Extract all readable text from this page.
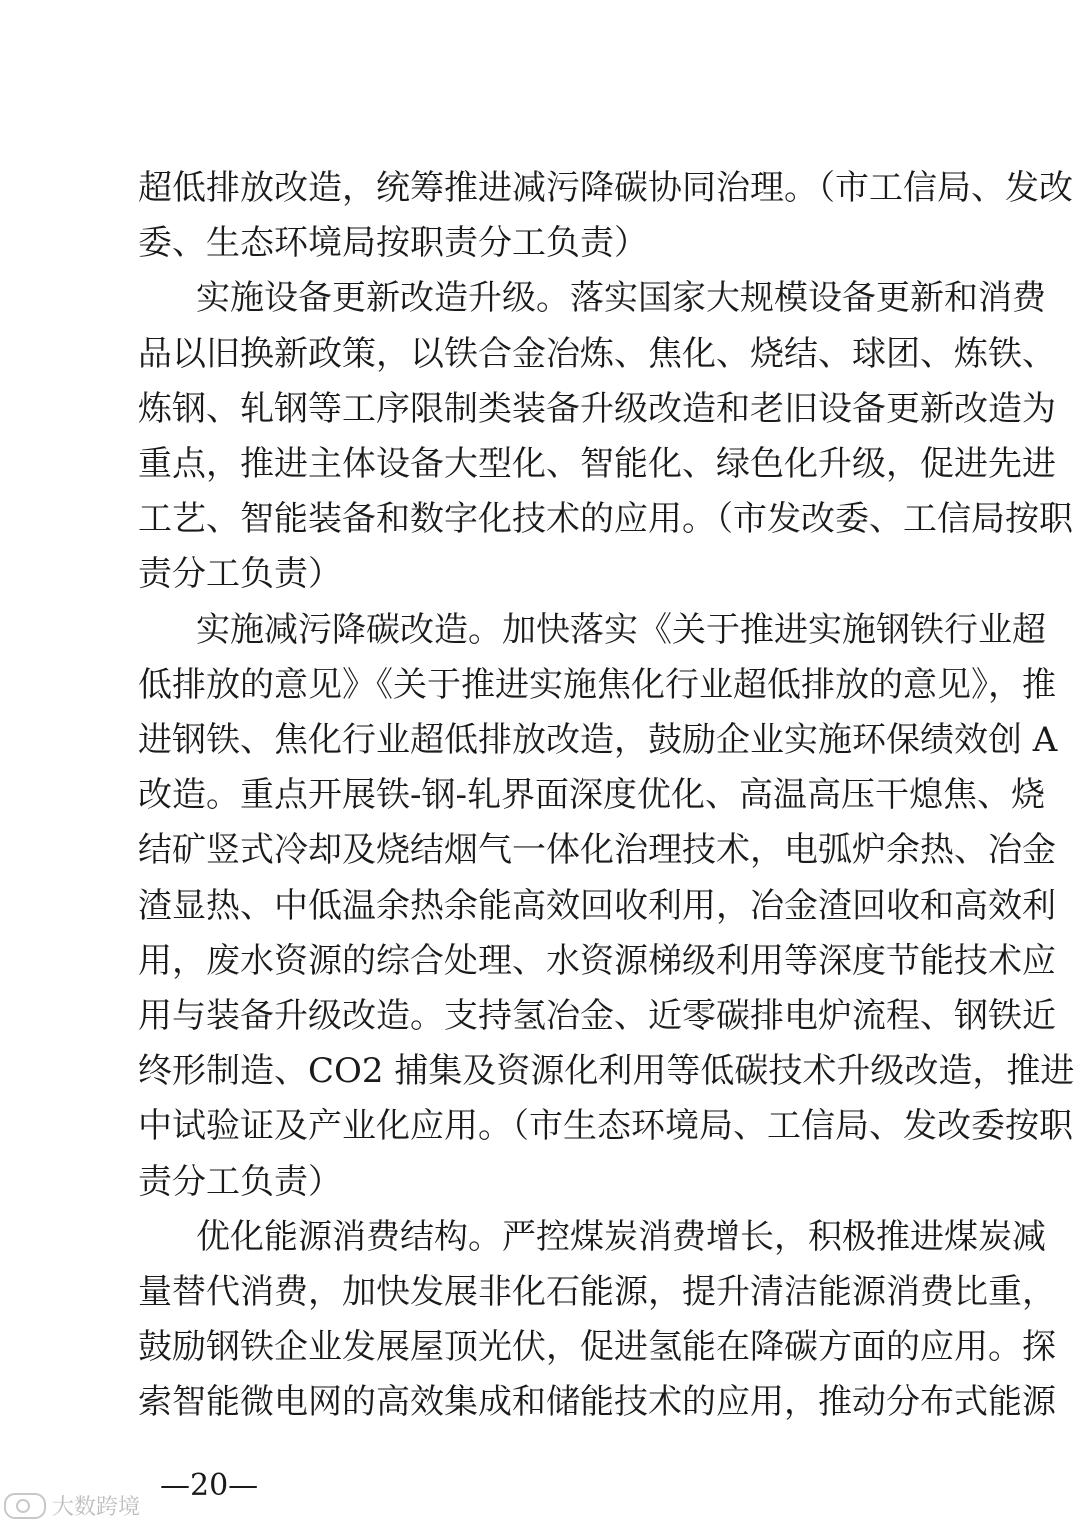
超低排放改造，统筹推进减污降碳协同治理。（市工信局、发改
委、生态环境局按职责分工负责）
实施设备更新改造升级。落实国家大规模设备更新和消费
品以旧换新政策，以铁合金冶炼、焦化、烧结、球团、炼铁、
炼钢、轧钢等工序限制类装备升级改造和老旧设备更新改造为
重点，推进主体设备大型化、智能化、绿色化升级，促进先进
工艺、智能装备和数字化技术的应用。（市发改委、工信局按职
责分工负责）
实施减污降碳改造。加快落实《关于推进实施钢铁行业超
低排放的意见》《关于推进实施焦化行业超低排放的意见》，推
进钢铁、焦化行业超低排放改造，鼓励企业实施环保绩效创 A
改造。重点开展铁-钢-轧界面深度优化、高温高压干熄焦、烧
结矿竖式冷却及烧结烟气一体化治理技术，电弧炉余热、冶金
渣显热、中低温余热余能高效回收利用，冶金渣回收和高效利
用，废水资源的综合处理、水资源梯级利用等深度节能技术应
用与装备升级改造。支持氢冶金、近零碳排电炉流程、钢铁近
终形制造、CO2 捕集及资源化利用等低碳技术升级改造，推进
中试验证及产业化应用。（市生态环境局、工信局、发改委按职
责分工负责）
优化能源消费结构。严控煤炭消费增长，积极推进煤炭减
量替代消费，加快发展非化石能源，提升清洁能源消费比重，
鼓励钢铁企业发展屋顶光伏，促进氢能在降碳方面的应用。探
索智能微电网的高效集成和储能技术的应用，推动分布式能源
—20—
大数跨境
